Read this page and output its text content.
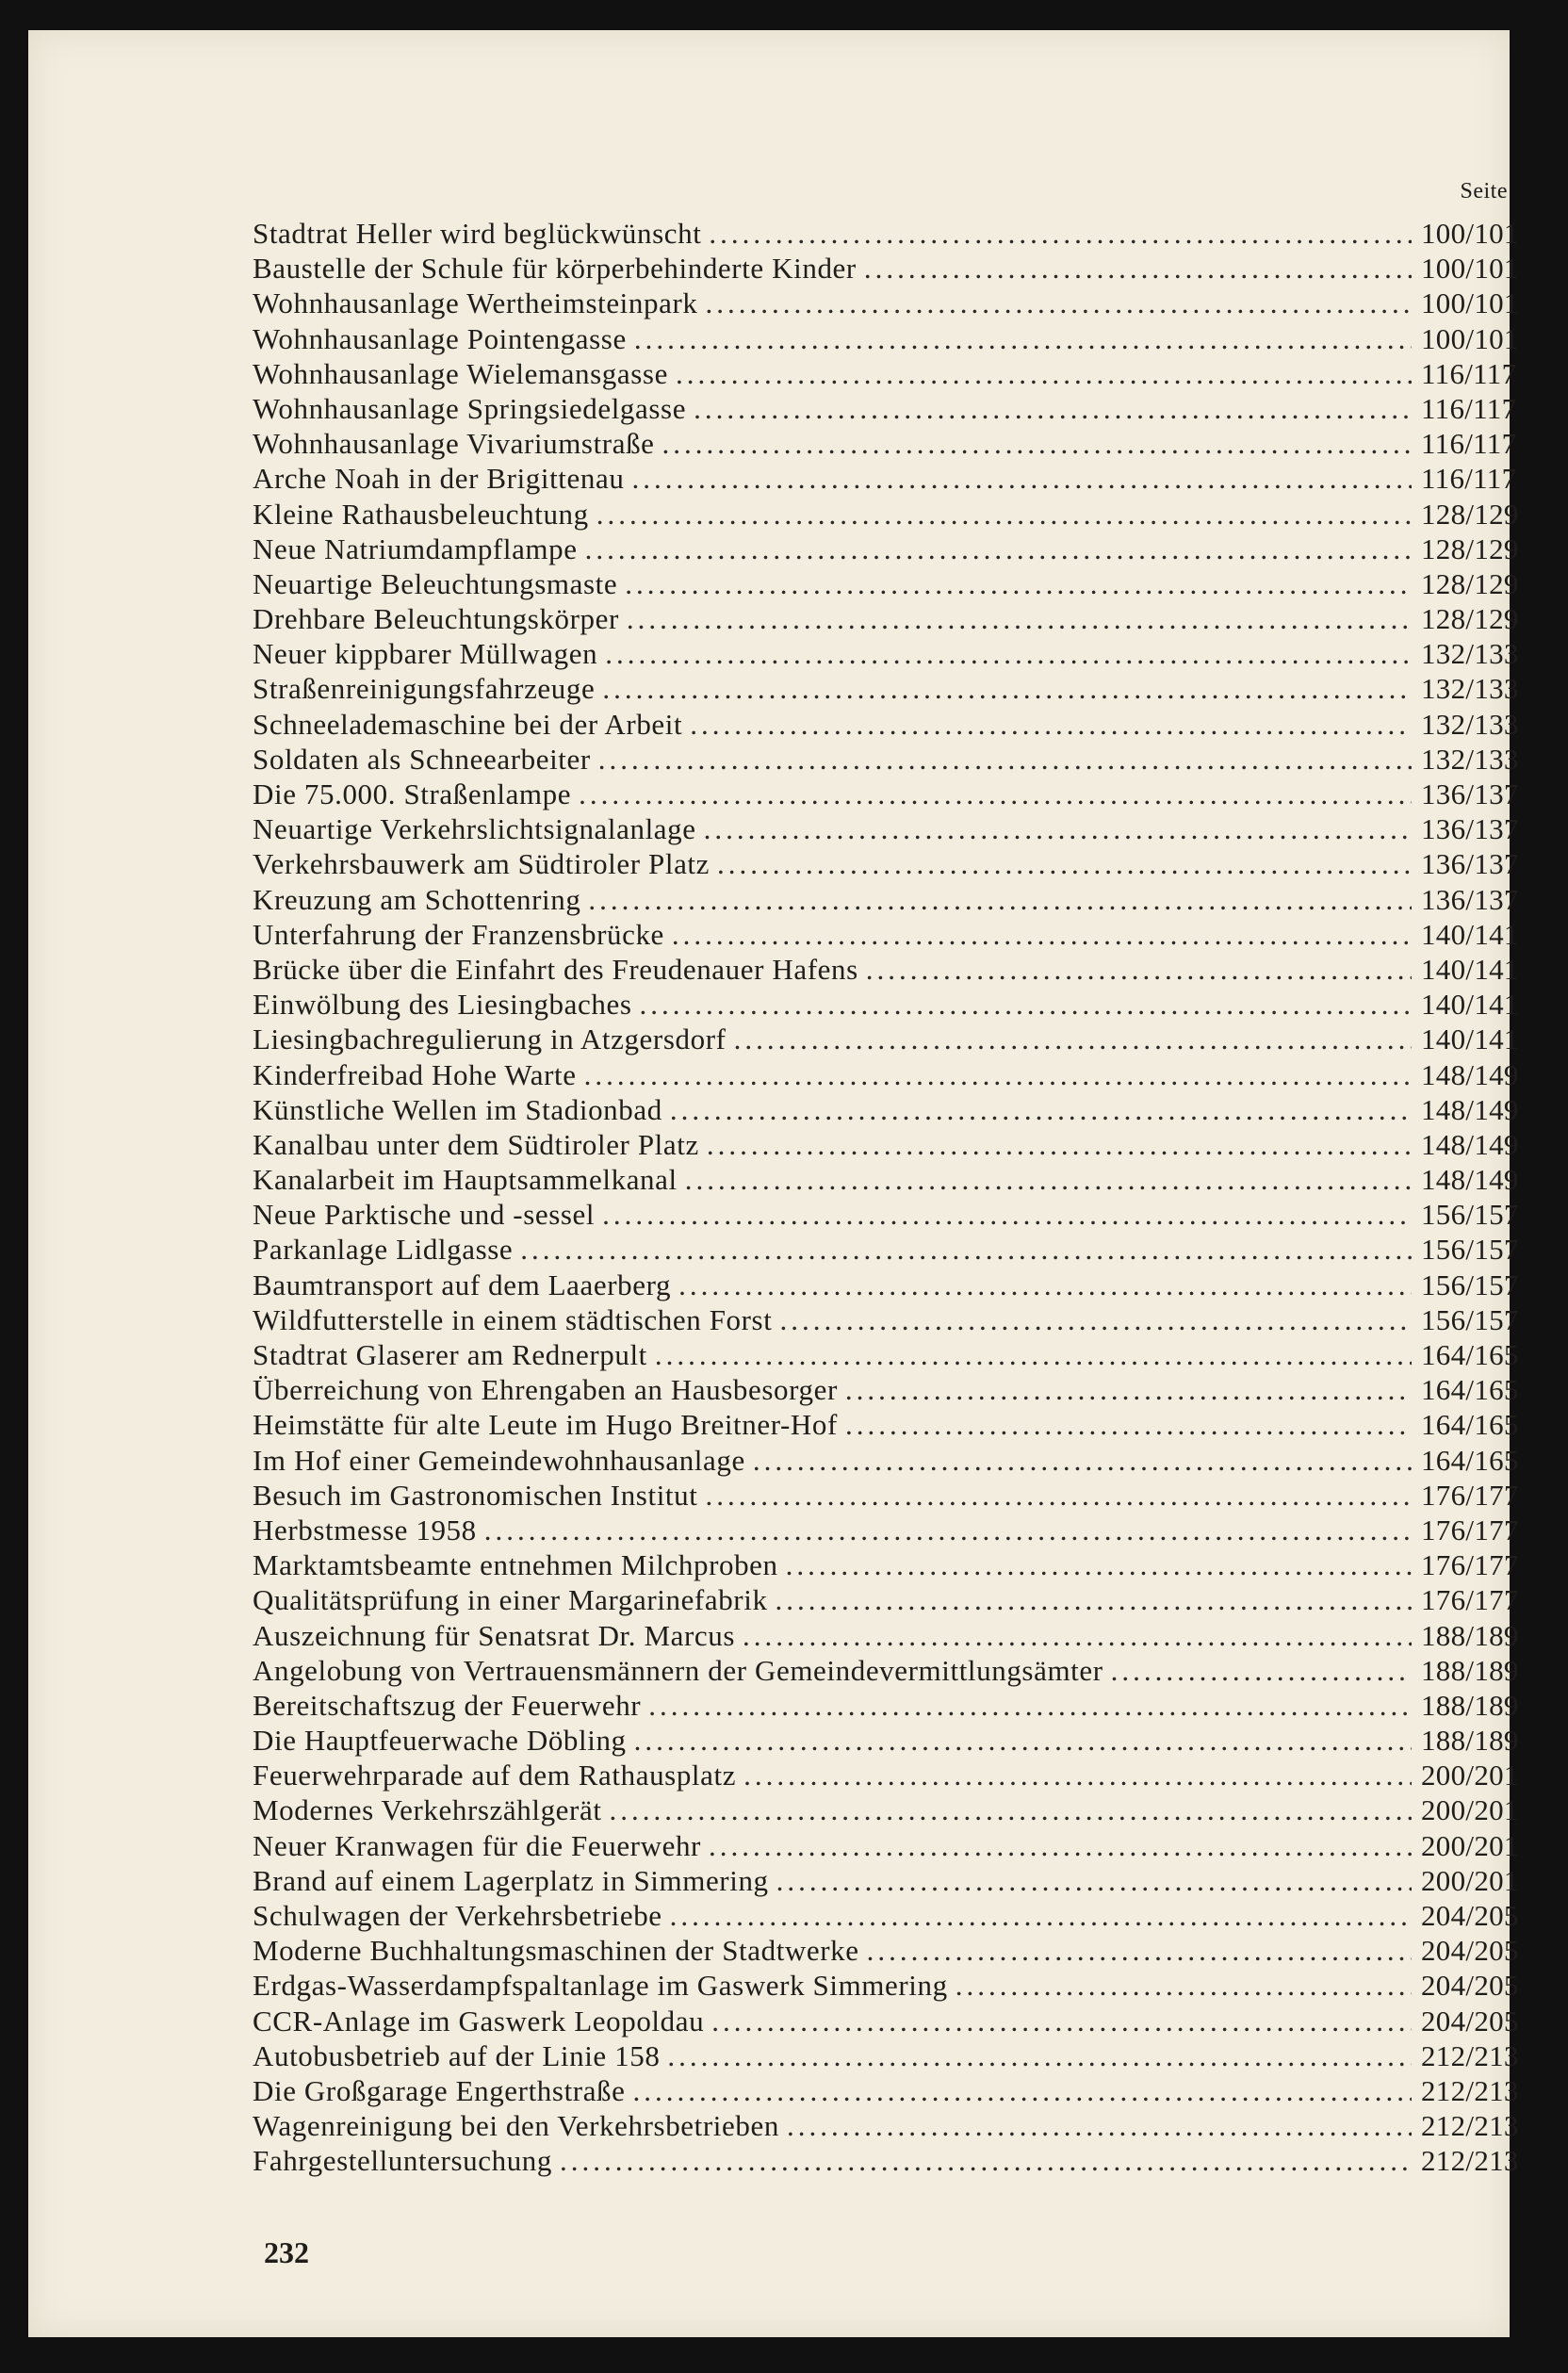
Seite
Stadtrat Heller wird beglückwünscht .....	100/101
Baustelle der Schule für körperbehinderte Kinder .....	100/101
Wohnhausanlage Wertheimsteinpark .....	100/101
Wohnhausanlage Pointengasse .....	100/101
Wohnhausanlage Wielemansgasse .....	116/117
Wohnhausanlage Springsiedelgasse .....	116/117
Wohnhausanlage Vivariumstraße .....	116/117
Arche Noah in der Brigittenau .....	116/117
Kleine Rathausbeleuchtung .....	128/129
Neue Natriumdampflampe .....	128/129
Neuartige Beleuchtungsmaste .....	128/129
Drehbare Beleuchtungskörper .....	128/129
Neuer kippbarer Müllwagen .....	132/133
Straßenreinigungsfahrzeuge .....	132/133
Schneelademaschine bei der Arbeit .....	132/133
Soldaten als Schneearbeiter .....	132/133
Die 75.000. Straßenlampe .....	136/137
Neuartige Verkehrslichtsignalanlage .....	136/137
Verkehrsbauwerk am Südtiroler Platz .....	136/137
Kreuzung am Schottenring .....	136/137
Unterfahrung der Franzensbrücke .....	140/141
Brücke über die Einfahrt des Freudenauer Hafens .....	140/141
Einwölbung des Liesingbaches .....	140/141
Liesingbachregulierung in Atzgersdorf .....	140/141
Kinderfreibad Hohe Warte .....	148/149
Künstliche Wellen im Stadionbad .....	148/149
Kanalbau unter dem Südtiroler Platz .....	148/149
Kanalarbeit im Hauptsammelkanal .....	148/149
Neue Parktische und -sessel .....	156/157
Parkanlage Lidlgasse .....	156/157
Baumtransport auf dem Laaerberg .....	156/157
Wildfutterstelle in einem städtischen Forst .....	156/157
Stadtrat Glaserer am Rednerpult .....	164/165
Überreichung von Ehrengaben an Hausbesorger .....	164/165
Heimstätte für alte Leute im Hugo Breitner-Hof .....	164/165
Im Hof einer Gemeindewohnhausanlage .....	164/165
Besuch im Gastronomischen Institut .....	176/177
Herbstmesse 1958 .....	176/177
Marktamtsbeamte entnehmen Milchproben .....	176/177
Qualitätsprüfung in einer Margarinefabrik .....	176/177
Auszeichnung für Senatsrat Dr. Marcus .....	188/189
Angelobung von Vertrauensmännern der Gemeindevermittlungsämter .....	188/189
Bereitschaftszug der Feuerwehr .....	188/189
Die Hauptfeuerwache Döbling .....	188/189
Feuerwehrparade auf dem Rathausplatz .....	200/201
Modernes Verkehrszählgerät .....	200/201
Neuer Kranwagen für die Feuerwehr .....	200/201
Brand auf einem Lagerplatz in Simmering .....	200/201
Schulwagen der Verkehrsbetriebe .....	204/205
Moderne Buchhaltungsmaschinen der Stadtwerke .....	204/205
Erdgas-Wasserdampfspaltanlage im Gaswerk Simmering .....	204/205
CCR-Anlage im Gaswerk Leopoldau .....	204/205
Autobusbetrieb auf der Linie 158 .....	212/213
Die Großgarage Engerthstraße .....	212/213
Wagenreinigung bei den Verkehrsbetrieben .....	212/213
Fahrgestelluntersuchung .....	212/213
232
